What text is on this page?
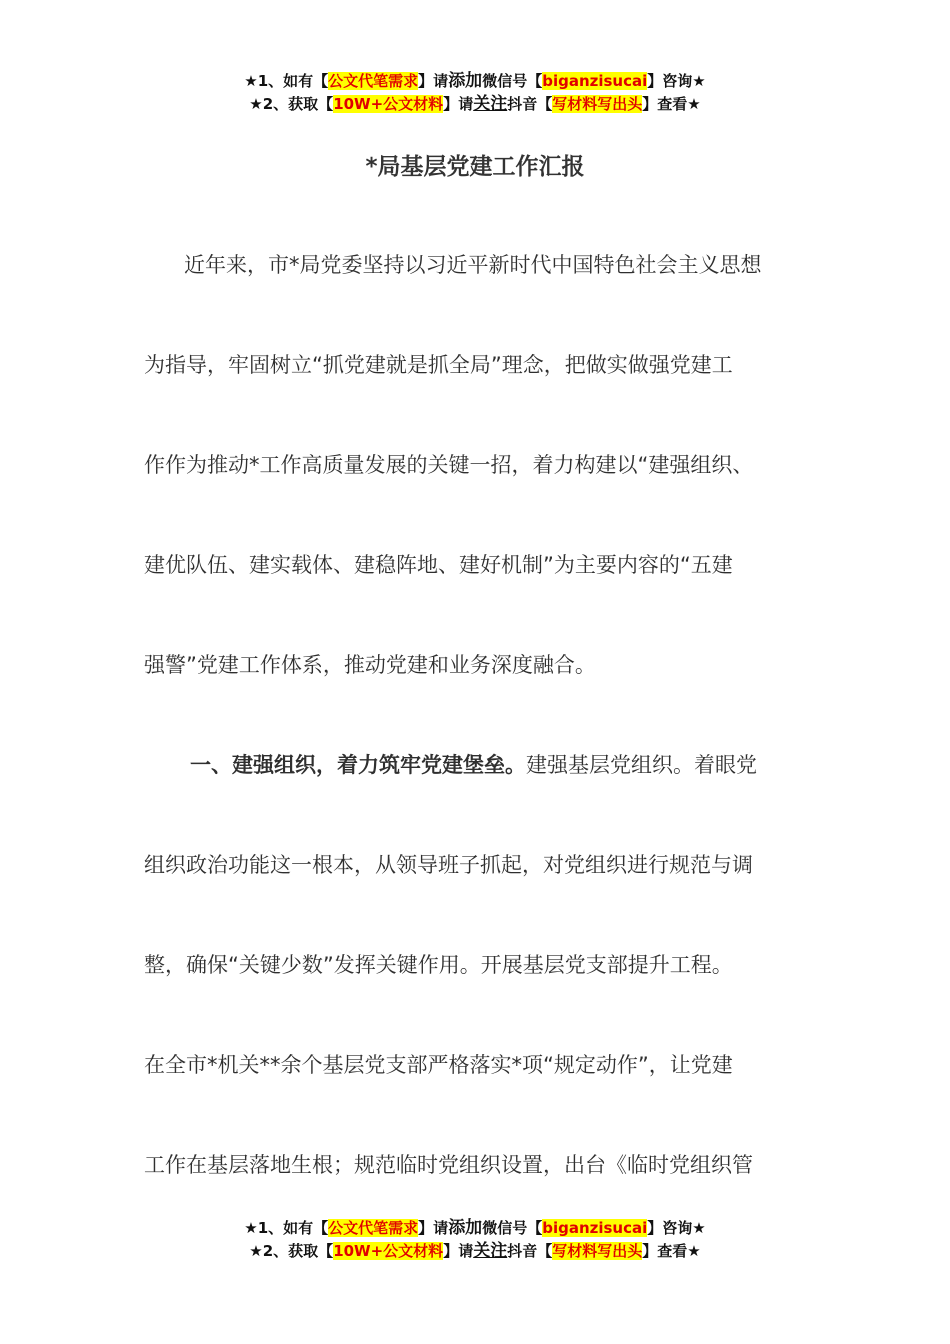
★1、如有【公文代笔需求】请添加微信号【biganzisucai】咨询★
★2、获取【10W+公文材料】请关注抖音【写材料写出头】查看★
*局基层党建工作汇报
近年来，市*局党委坚持以习近平新时代中国特色社会主义思想
为指导，牢固树立“抓党建就是抓全局”理念，把做实做强党建工
作作为推动*工作高质量发展的关键一招，着力构建以“建强组织、
建优队伍、建实载体、建稳阵地、建好机制”为主要内容的“五建
强警”党建工作体系，推动党建和业务深度融合。
一、建强组织，着力筑牢党建堡垒。建强基层党组织。着眼党
组织政治功能这一根本，从领导班子抓起，对党组织进行规范与调
整，确保“关键少数”发挥关键作用。开展基层党支部提升工程。
在全市*机关**余个基层党支部严格落实*项“规定动作”，让党建
工作在基层落地生根；规范临时党组织设置，出台《临时党组织管
★1、如有【公文代笔需求】请添加微信号【biganzisucai】咨询★
★2、获取【10W+公文材料】请关注抖音【写材料写出头】查看★
